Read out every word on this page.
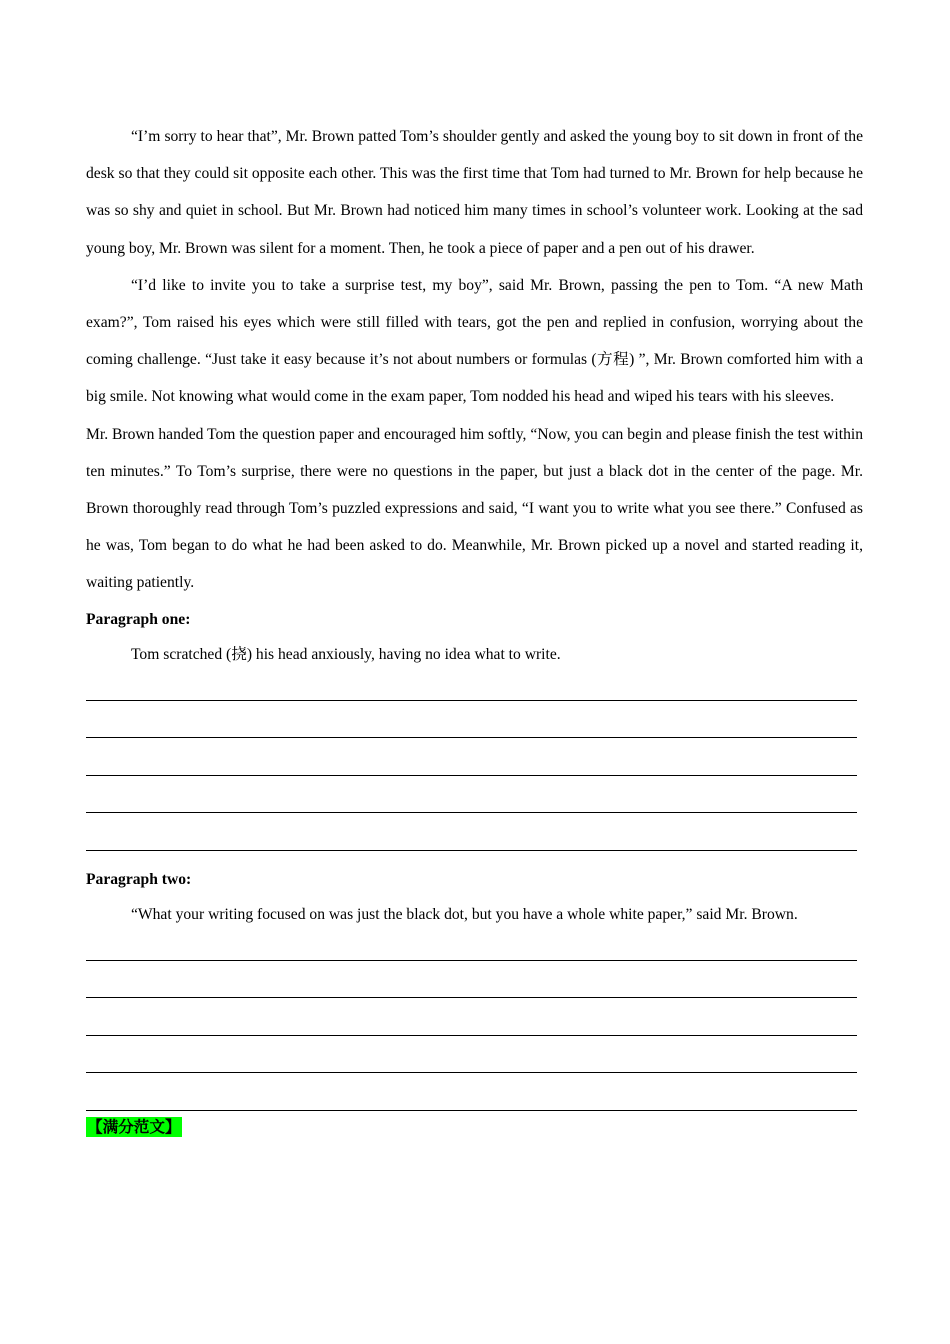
“I’m sorry to hear that”, Mr. Brown patted Tom’s shoulder gently and asked the young boy to sit down in front of the desk so that they could sit opposite each other. This was the first time that Tom had turned to Mr. Brown for help because he was so shy and quiet in school. But Mr. Brown had noticed him many times in school’s volunteer work. Looking at the sad young boy, Mr. Brown was silent for a moment. Then, he took a piece of paper and a pen out of his drawer.

“I’d like to invite you to take a surprise test, my boy”, said Mr. Brown, passing the pen to Tom. “A new Math exam?”, Tom raised his eyes which were still filled with tears, got the pen and replied in confusion, worrying about the coming challenge. “Just take it easy because it’s not about numbers or formulas (方程) ”, Mr. Brown comforted him with a big smile. Not knowing what would come in the exam paper, Tom nodded his head and wiped his tears with his sleeves.

Mr. Brown handed Tom the question paper and encouraged him softly, “Now, you can begin and please finish the test within ten minutes.” To Tom’s surprise, there were no questions in the paper, but just a black dot in the center of the page. Mr. Brown thoroughly read through Tom’s puzzled expressions and said, “I want you to write what you see there.” Confused as he was, Tom began to do what he had been asked to do. Meanwhile, Mr. Brown picked up a novel and started reading it, waiting patiently.

Paragraph one:
Tom scratched (挠) his head anxiously, having no idea what to write.
Paragraph two:
“What your writing focused on was just the black dot, but you have a whole white paper,” said Mr. Brown.
【满分范文】
